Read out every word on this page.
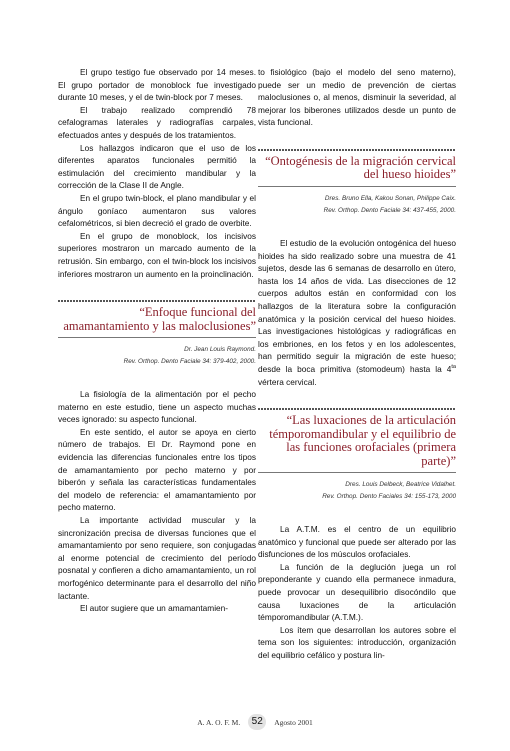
El grupo testigo fue observado por 14 meses. El grupo portador de monoblock fue investigado durante 10 meses, y el de twin-block por 7 meses.

El trabajo realizado comprendió 78 cefalogramas laterales y radiografías carpales, efectuados antes y después de los tratamientos.

Los hallazgos indicaron que el uso de los diferentes aparatos funcionales permitió la estimulación del crecimiento mandibular y la corrección de la Clase II de Angle.

En el grupo twin-block, el plano mandibular y el ángulo goníaco aumentaron sus valores cefalométricos, si bien decreció el grado de overbite.

En el grupo de monoblock, los incisivos superiores mostraron un marcado aumento de la retrusión. Sin embargo, con el twin-block los incisivos inferiores mostraron un aumento en la proinclinación.

“Enfoque funcional del amamantamiento y las maloclusiones”

Dr. Jean Louis Raymond.

Rev. Orthop. Dento Faciale 34: 379-402, 2000.

La fisiología de la alimentación por el pecho materno en este estudio, tiene un aspecto muchas veces ignorado: su aspecto funcional.

En este sentido, el autor se apoya en cierto número de trabajos. El Dr. Raymond pone en evidencia las diferencias funcionales entre los tipos de amamantamiento por pecho materno y por biberón y señala las características fundamentales del modelo de referencia: el amamantamiento por pecho materno.

La importante actividad muscular y la sincronización precisa de diversas funciones que el amamantamiento por seno requiere, son conjugadas al enorme potencial de crecimiento del período posnatal y confieren a dicho amamantamiento, un rol morfogénico determinante para el desarrollo del niño lactante.

El autor sugiere que un amamantamien-

to fisiológico (bajo el modelo del seno materno), puede ser un medio de prevención de ciertas maloclusiones o, al menos, disminuir la severidad, al mejorar los biberones utilizados desde un punto de vista funcional.

“Ontogénesis de la migración cervical del hueso hioides”

Dres. Bruno Ella, Kakou Sonan, Philippe Caix.

Rev. Orthop. Dento Faciale 34: 437-455, 2000.

El estudio de la evolución ontogénica del hueso hioides ha sido realizado sobre una muestra de 41 sujetos, desde las 6 semanas de desarrollo en útero, hasta los 14 años de vida. Las disecciones de 12 cuerpos adultos están en conformidad con los hallazgos de la literatura sobre la configuración anatómica y la posición cervical del hueso hioides. Las investigaciones histológicas y radiográficas en los embriones, en los fetos y en los adolescentes, han permitido seguir la migración de este hueso; desde la boca primitiva (stomodeum) hasta la $4^{ta}$ vértera cervical.

“Las luxaciones de la articulación témporomandibular y el equilibrio de las funciones orofaciales (primera parte)”

Dres. Louis Delbeck, Beatrice Vidalhet.

Rev. Orthop. Dento Faciales 34: 155-173, 2000

La A.T.M. es el centro de un equilibrio anatómico y funcional que puede ser alterado por las disfunciones de los músculos orofaciales.

La función de la deglución juega un rol preponderante y cuando ella permanece inmadura, puede provocar un desequilibrio disocóndilo que causa luxaciones de la articulación témporomandibular (A.T.M.).

Los ítem que desarrollan los autores sobre el tema son los siguientes: introducción, organización del equilibrio cefálico y postura lin-

A. A. O. F. M.	52	Agosto 2001
